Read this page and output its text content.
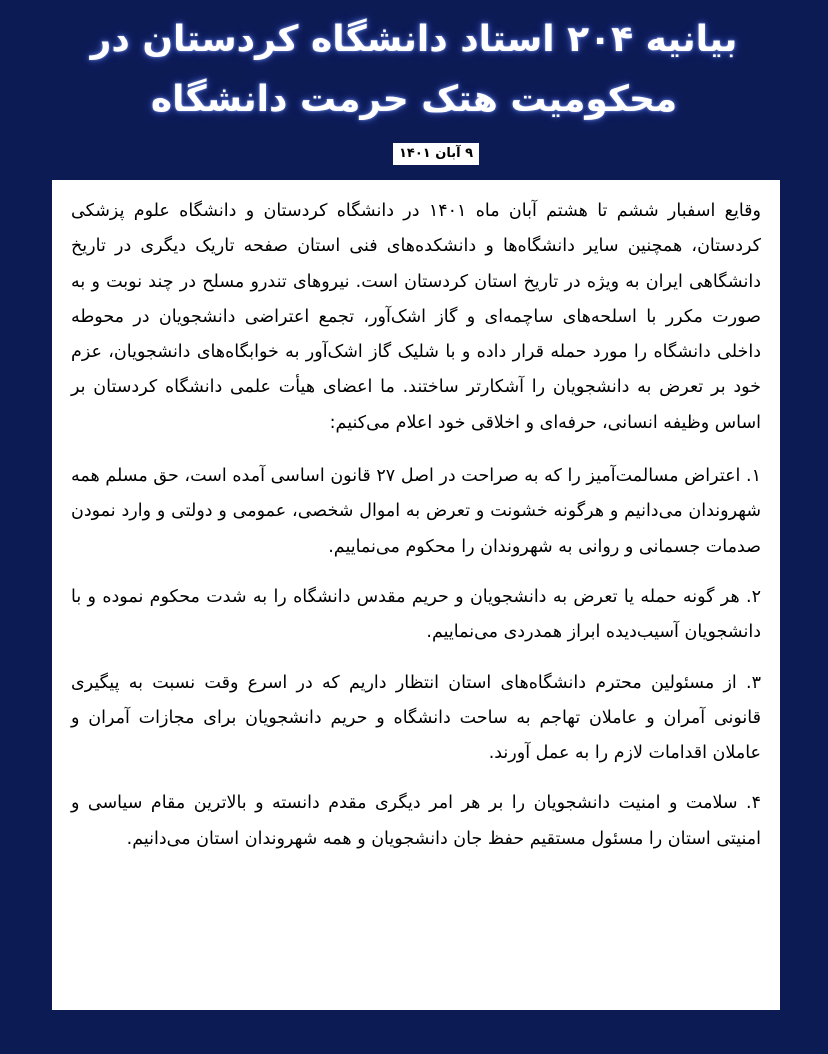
بیانیه ۲۰۴ استاد دانشگاه کردستان در
محکومیت هتک حرمت دانشگاه
۹ آبان ۱۴۰۱

وقایع اسفبار ششم تا هشتم آبان ماه ۱۴۰۱ در دانشگاه کردستان و دانشگاه علوم پزشکی کردستان، همچنین سایر دانشگاه‌ها و دانشکده‌های فنی استان صفحه تاریک دیگری در تاریخ دانشگاهی ایران به ویژه در تاریخ استان کردستان است. نیروهای تندرو مسلح در چند نوبت و به صورت مکرر با اسلحه‌های ساچمه‌ای و گاز اشک‌آور، تجمع اعتراضی دانشجویان در محوطه داخلی دانشگاه را مورد حمله قرار داده و با شلیک گاز اشک‌آور به خوابگاه‌های دانشجویان، عزم خود بر تعرض به دانشجویان را آشکارتر ساختند. ما اعضای هیأت علمی دانشگاه کردستان بر اساس وظیفه انسانی، حرفه‌ای و اخلاقی خود اعلام می‌کنیم:

۱. اعتراض مسالمت‌آمیز را که به صراحت در اصل ۲۷ قانون اساسی آمده است، حق مسلم همه شهروندان می‌دانیم و هرگونه خشونت و تعرض به اموال شخصی، عمومی و دولتی و وارد نمودن صدمات جسمانی و روانی به شهروندان را محکوم می‌نماییم.

۲. هر گونه حمله یا تعرض به دانشجویان و حریم مقدس دانشگاه را به شدت محکوم نموده و با دانشجویان آسیب‌دیده ابراز همدردی می‌نماییم.

۳. از مسئولین محترم دانشگاه‌های استان انتظار داریم که در اسرع وقت نسبت به پیگیری قانونی آمران و عاملان تهاجم به ساحت دانشگاه و حریم دانشجویان برای مجازات آمران و عاملان اقدامات لازم را به عمل آورند.

۴. سلامت و امنیت دانشجویان را بر هر امر دیگری مقدم دانسته و بالاترین مقام سیاسی و امنیتی استان را مسئول مستقیم حفظ جان دانشجویان و همه شهروندان استان می‌دانیم.
